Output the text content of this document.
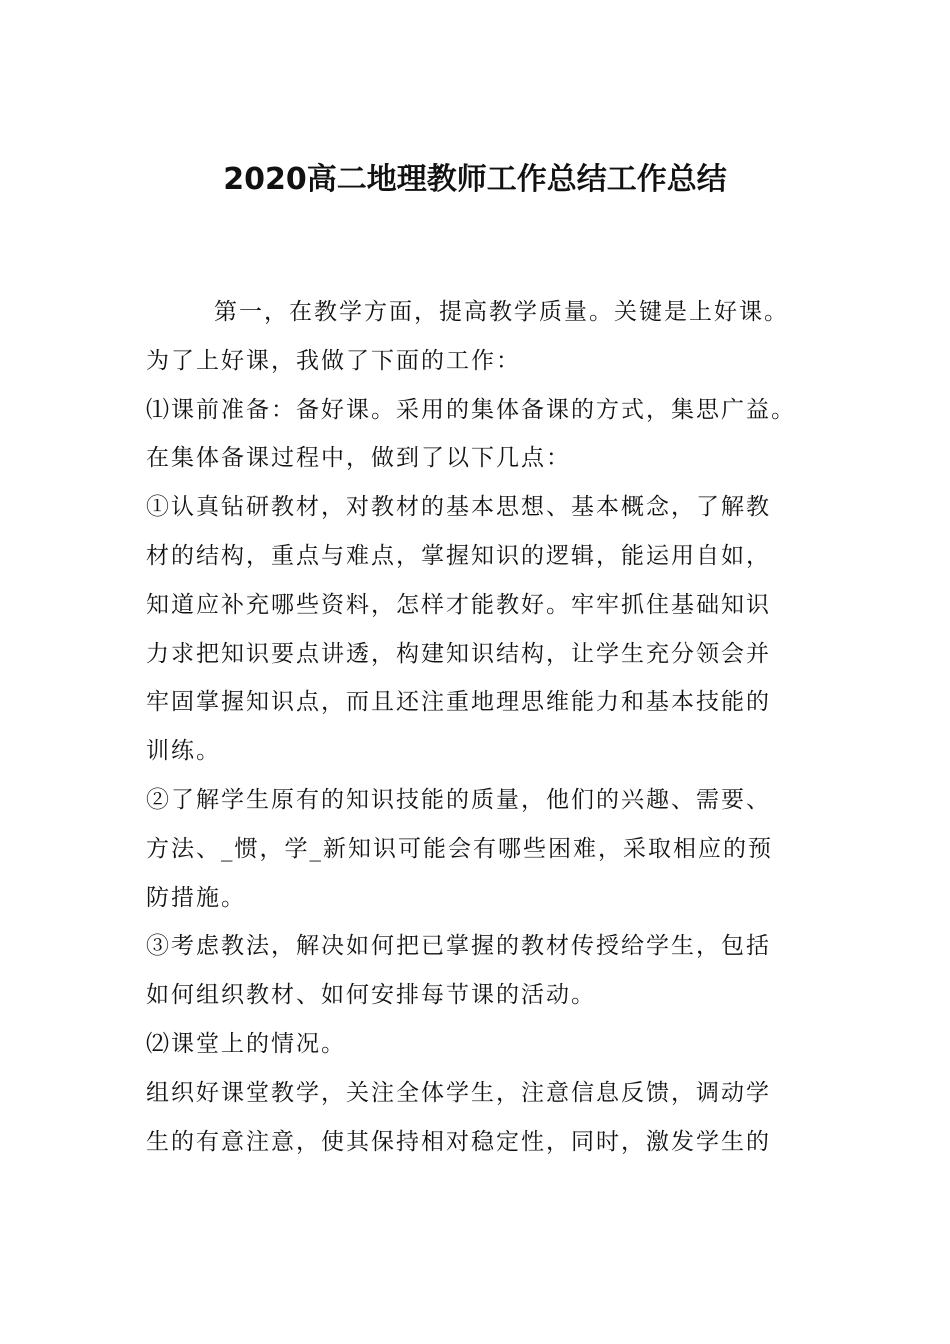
2020高二地理教师工作总结工作总结

第一，在教学方面，提高教学质量。关键是上好课。

为了上好课，我做了下面的工作：

⑴课前准备：备好课。采用的集体备课的方式，集思广益。

在集体备课过程中，做到了以下几点：

①认真钻研教材，对教材的基本思想、基本概念，了解教

材的结构，重点与难点，掌握知识的逻辑，能运用自如，

知道应补充哪些资料，怎样才能教好。牢牢抓住基础知识

力求把知识要点讲透，构建知识结构，让学生充分领会并

牢固掌握知识点，而且还注重地理思维能力和基本技能的

训练。

②了解学生原有的知识技能的质量，他们的兴趣、需要、

方法、_惯，学_新知识可能会有哪些困难，采取相应的预

防措施。

③考虑教法，解决如何把已掌握的教材传授给学生，包括

如何组织教材、如何安排每节课的活动。

⑵课堂上的情况。

组织好课堂教学，关注全体学生，注意信息反馈，调动学

生的有意注意，使其保持相对稳定性，同时，激发学生的
